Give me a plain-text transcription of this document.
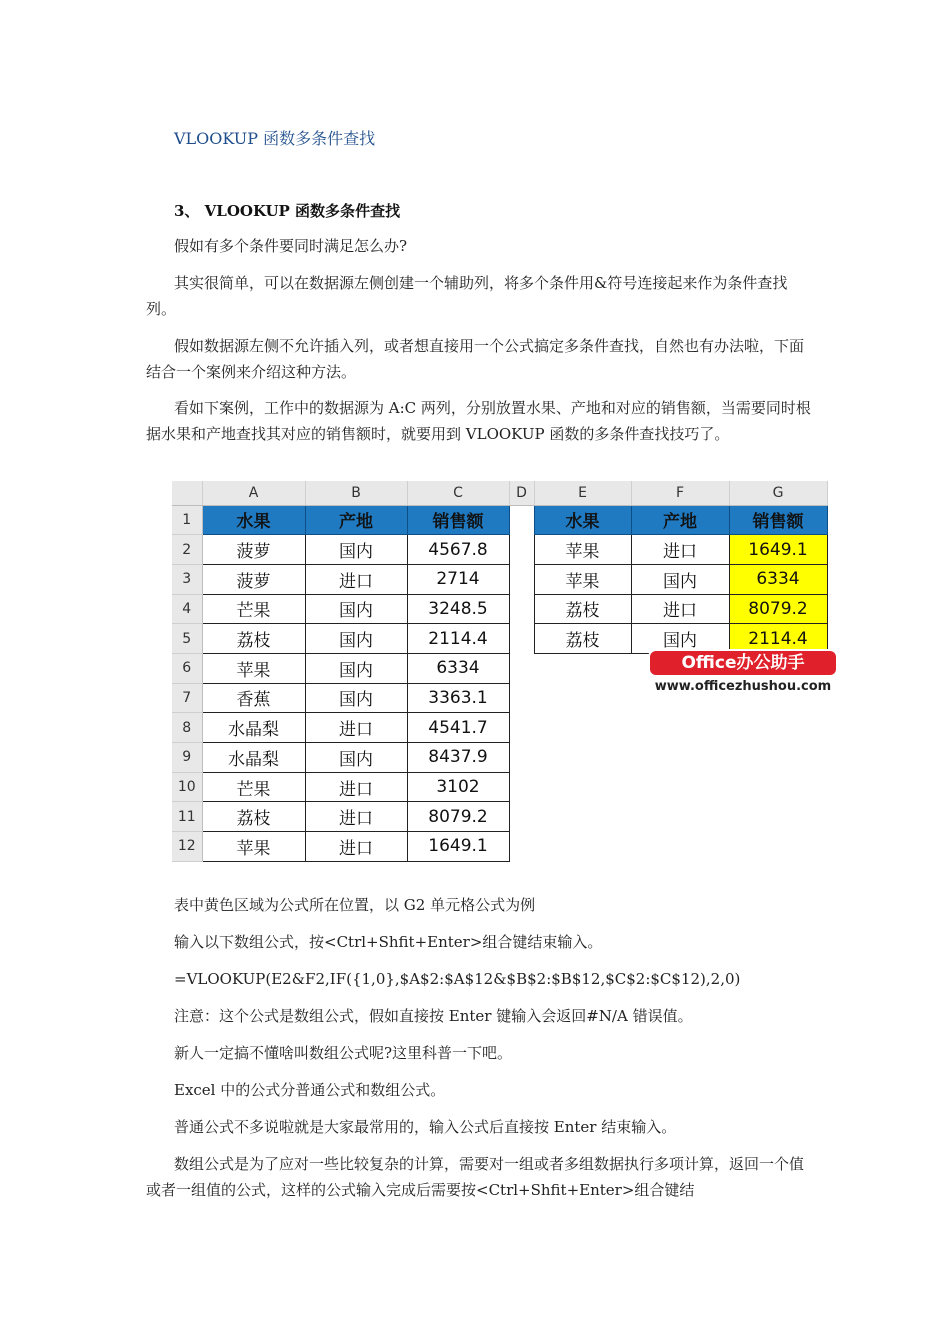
VLOOKUP 函数多条件查找
3、 VLOOKUP 函数多条件查找

假如有多个条件要同时满足怎么办?

其实很简单，可以在数据源左侧创建一个辅助列，将多个条件用&符号连接起来作为条件查找列。

假如数据源左侧不允许插入列，或者想直接用一个公式搞定多条件查找，自然也有办法啦，下面结合一个案例来介绍这种方法。

看如下案例，工作中的数据源为 A:C 两列，分别放置水果、产地和对应的销售额，当需要同时根据水果和产地查找其对应的销售额时，就要用到 VLOOKUP 函数的多条件查找技巧了。

	A	B	C	D	E	F	G
1	水果	产地	销售额		水果	产地	销售额
2	菠萝	国内	4567.8		苹果	进口	1649.1
3	菠萝	进口	2714		苹果	国内	6334
4	芒果	国内	3248.5		荔枝	进口	8079.2
5	荔枝	国内	2114.4		荔枝	国内	2114.4
6	苹果	国内	6334				
7	香蕉	国内	3363.1				
8	水晶梨	进口	4541.7				
9	水晶梨	国内	8437.9				
10	芒果	进口	3102				
11	荔枝	进口	8079.2				
12	苹果	进口	1649.1				
Office办公助手
www.officezhushou.com

表中黄色区域为公式所在位置，以 G2 单元格公式为例

输入以下数组公式，按<Ctrl+Shfit+Enter>组合键结束输入。

=VLOOKUP(E2&F2,IF({1,0},$A$2:$A$12&$B$2:$B$12,$C$2:$C$12),2,0)

注意：这个公式是数组公式，假如直接按 Enter 键输入会返回#N/A 错误值。

新人一定搞不懂啥叫数组公式呢?这里科普一下吧。

Excel 中的公式分普通公式和数组公式。

普通公式不多说啦就是大家最常用的，输入公式后直接按 Enter 结束输入。

数组公式是为了应对一些比较复杂的计算，需要对一组或者多组数据执行多项计算，返回一个值或者一组值的公式，这样的公式输入完成后需要按<Ctrl+Shfit+Enter>组合键结
